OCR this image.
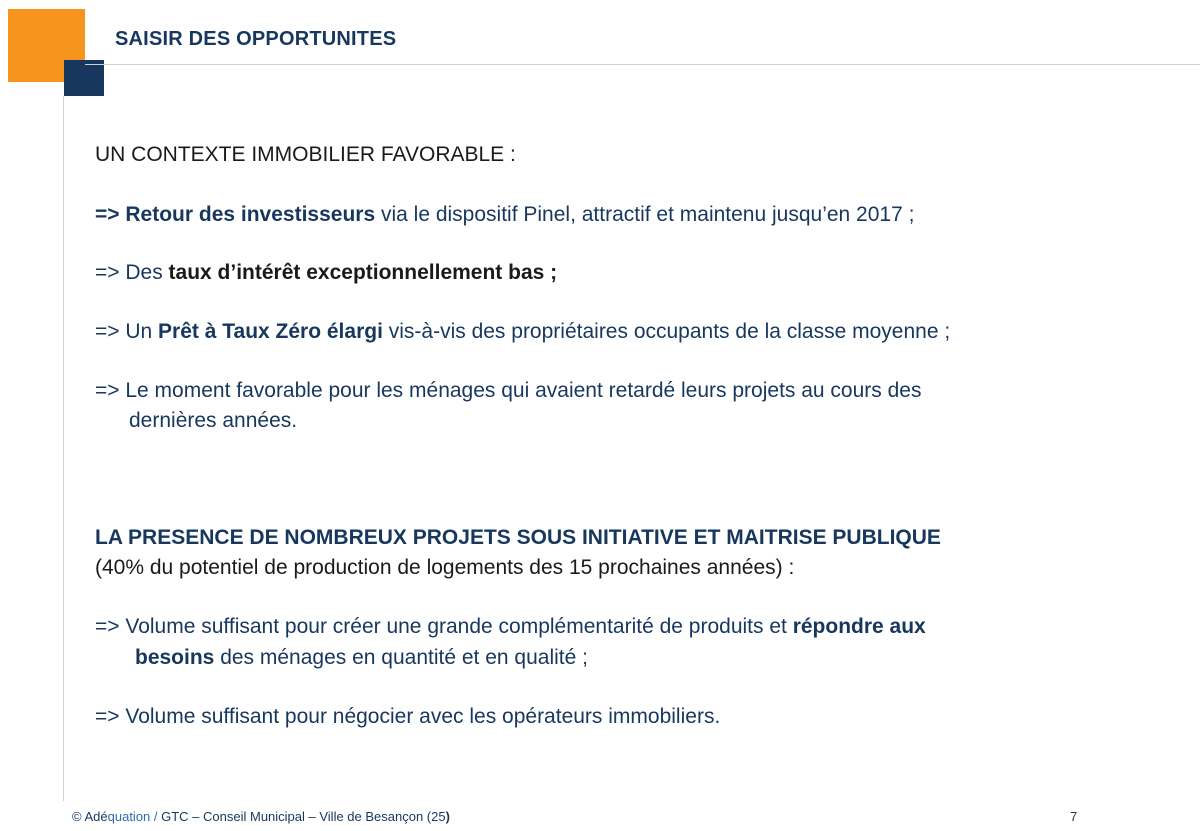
SAISIR DES OPPORTUNITES

UN CONTEXTE IMMOBILIER FAVORABLE :

=> Retour des investisseurs via le dispositif Pinel, attractif et maintenu jusqu’en 2017 ;

=> Des taux d’intérêt exceptionnellement bas ;

=> Un Prêt à Taux Zéro élargi vis-à-vis des propriétaires occupants de la classe moyenne ;

=> Le moment favorable pour les ménages qui avaient retardé leurs projets au cours des

dernières années.

LA PRESENCE DE NOMBREUX PROJETS SOUS INITIATIVE ET MAITRISE PUBLIQUE

(40% du potentiel de production de logements des 15 prochaines années) :

=> Volume suffisant pour créer une grande complémentarité de produits et répondre aux

besoins des ménages en quantité et en qualité ;

=> Volume suffisant pour négocier avec les opérateurs immobiliers.

© Adéquation / GTC – Conseil Municipal – Ville de Besançon (25)	7
